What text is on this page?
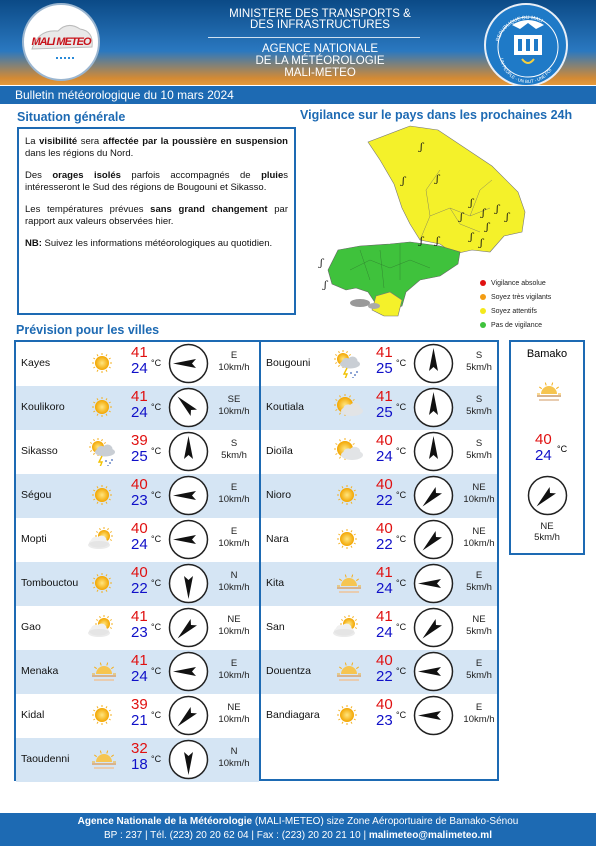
MALI METEO
MINISTERE DES TRANSPORTS &
DES INFRASTRUCTURES
AGENCE NATIONALE
DE LA MÉTÉOROLOGIE
MALI-METEO
REPUBLIQUE DU MALI
UN PEUPLE - UN BUT - UNE FOI
Bulletin météorologique du 10 mars 2024
Situation générale

La visibilité sera affectée par la poussière en suspension dans les régions du Nord.

Des orages isolés parfois accompagnés de pluies intéresseront le Sud des régions de Bougouni et Sikasso.

Les températures prévues sans grand changement par rapport aux valeurs observées hier.

NB: Suivez les informations météorologiques au quotidien.

Vigilance sur le pays dans les prochaines 24h
ʃ
ʃ	ʃ
ʃ
ʃ
ʃ
ʃ
ʃ
ʃ
ʃ
ʃ
ʃ
ʃ
ʃ
ʃ
Vigilance absolue
Soyez très vigilants
Soyez attentifs
Pas de vigilance
Prévision pour les villes
Kayes
41
24 °C
E
10km/h
Koulikoro
41
24 °C
SE
10km/h
Sikasso
39
25 °C
S
5km/h
Ségou
40
23 °C
E
10km/h
Mopti
40
24 °C
E
10km/h
Tombouctou
40
22 °C
N
10km/h
Gao
41
23 °C
NE
10km/h
Menaka
41
24 °C
E
10km/h
Kidal
39
21 °C
NE
10km/h
Taoudenni
32
18 °C
N
10km/h
Bougouni
41
25 °C
S
5km/h
Koutiala
41
25 °C
S
5km/h
Dioïla
40
24 °C
S
5km/h
Nioro
40
22 °C
NE
10km/h
Nara
40
22 °C
NE
10km/h
Kita
41
24 °C
E
5km/h
San
41
24 °C
NE
5km/h
Douentza
40
22 °C
E
5km/h
Bandiagara
40
23 °C
E
10km/h
Bamako
40
24 °C
NE
5km/h
Agence Nationale de la Météorologie (MALI-METEO) size Zone Aéroportuaire de Bamako-Sénou
BP : 237 | Tél. (223) 20 20 62 04 | Fax : (223) 20 20 21 10 | malimeteo@malimeteo.ml
